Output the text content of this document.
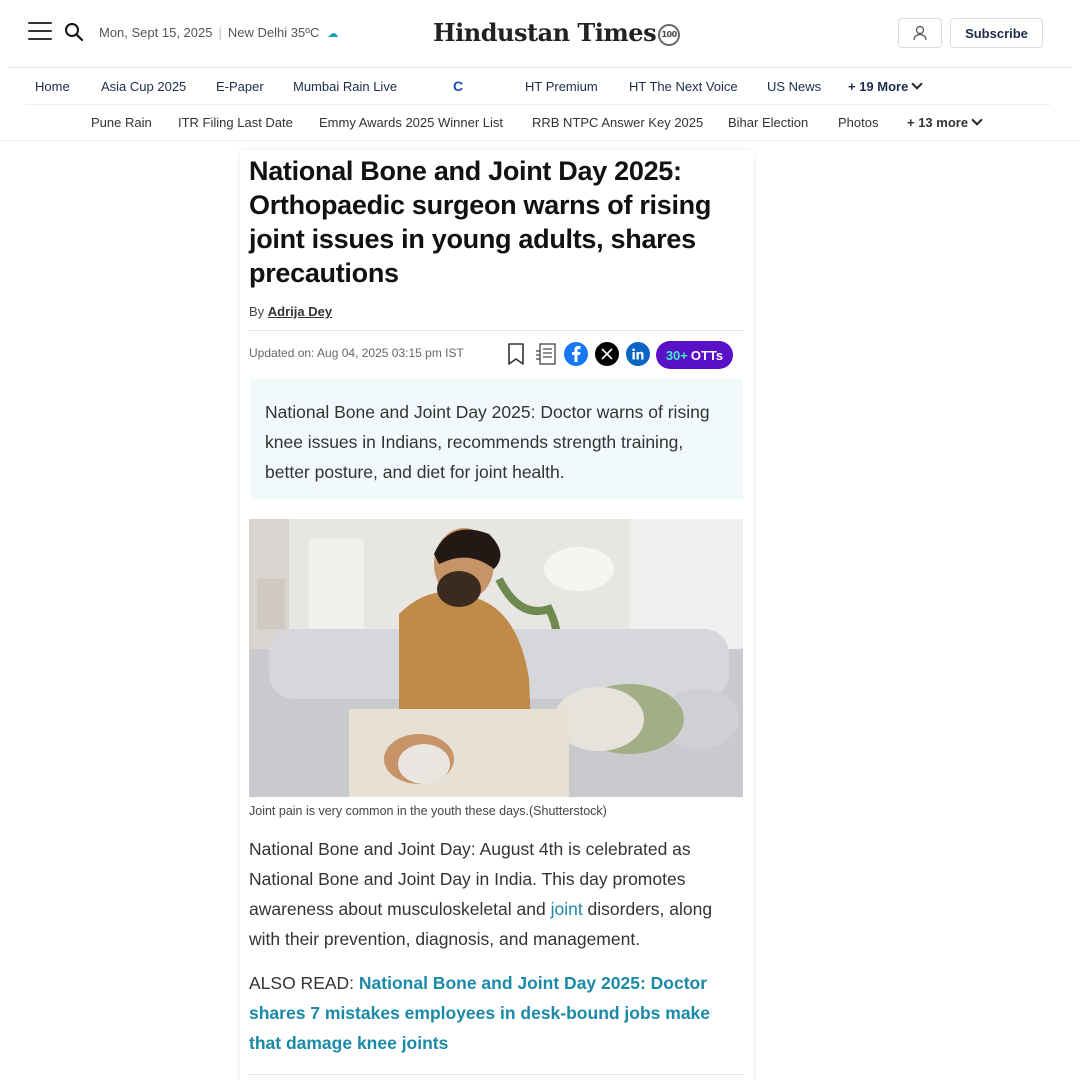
Mon, Sept 15, 2025 | New Delhi 35ºC ☁	Hindustan Times 100	Subscribe
Home Asia Cup 2025 E-Paper Mumbai Rain Live	C	HT Premium HT The Next Voice US News + 19 More
Pune Rain ITR Filing Last Date Emmy Awards 2025 Winner List RRB NTPC Answer Key 2025 Bihar Election Photos + 13 more
National Bone and Joint Day 2025: Orthopaedic surgeon warns of rising joint issues in young adults, shares precautions
By Adrija Dey
Updated on: Aug 04, 2025 03:15 pm IST	30+ OTTs
National Bone and Joint Day 2025: Doctor warns of rising knee issues in Indians, recommends strength training, better posture, and diet for joint health.
Joint pain is very common in the youth these days.(Shutterstock)

National Bone and Joint Day: August 4th is celebrated as National Bone and Joint Day in India. This day promotes awareness about musculoskeletal and joint disorders, along with their prevention, diagnosis, and management.

ALSO READ: National Bone and Joint Day 2025: Doctor shares 7 mistakes employees in desk-bound jobs make that damage knee joints
